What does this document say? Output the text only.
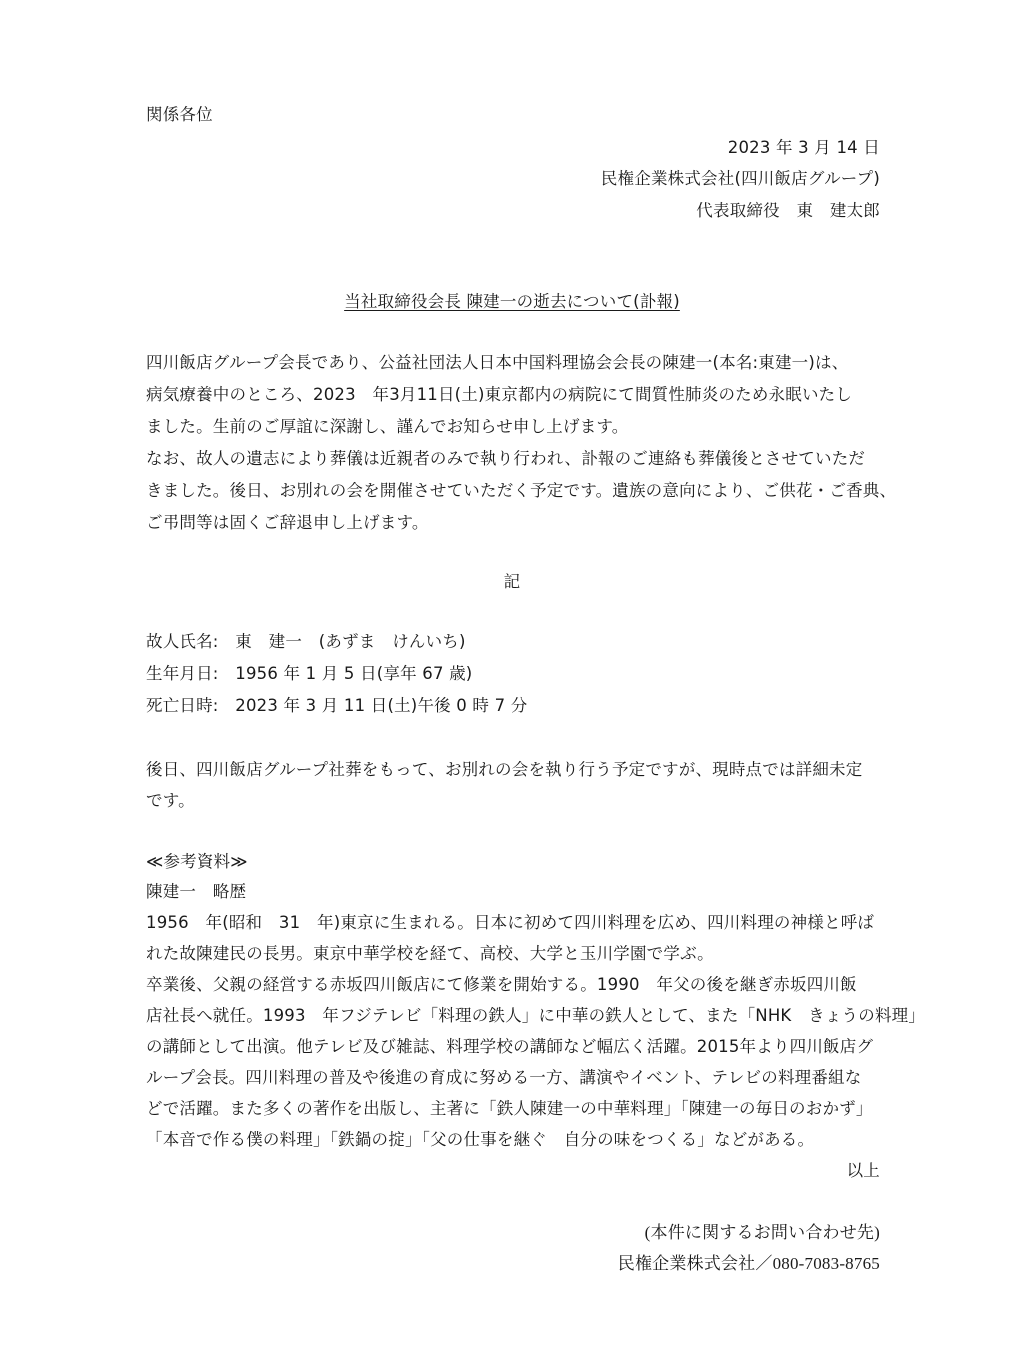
関係各位

2023 年 3 月 14 日

民権企業株式会社(四川飯店グループ)

代表取締役　東　建太郎

当社取締役会長 陳建一の逝去について(訃報)

四川飯店グループ会長であり、公益社団法人日本中国料理協会会長の陳建一(本名:東建一)は、

病気療養中のところ、2023　年3月11日(土)東京都内の病院にて間質性肺炎のため永眠いたし

ました。生前のご厚誼に深謝し、謹んでお知らせ申し上げます。

なお、故人の遺志により葬儀は近親者のみで執り行われ、訃報のご連絡も葬儀後とさせていただ

きました。後日、お別れの会を開催させていただく予定です。遺族の意向により、ご供花・ご香典、

ご弔問等は固くご辞退申し上げます。

記

故人氏名:　東　建一　(あずま　けんいち)

生年月日:　1956 年 1 月 5 日(享年 67 歳)

死亡日時:　2023 年 3 月 11 日(土)午後 0 時 7 分

後日、四川飯店グループ社葬をもって、お別れの会を執り行う予定ですが、現時点では詳細未定

です。

≪参考資料≫

陳建一　略歴

1956　年(昭和　31　年)東京に生まれる。日本に初めて四川料理を広め、四川料理の神様と呼ば

れた故陳建民の長男。東京中華学校を経て、高校、大学と玉川学園で学ぶ。

卒業後、父親の経営する赤坂四川飯店にて修業を開始する。1990　年父の後を継ぎ赤坂四川飯

店社長へ就任。1993　年フジテレビ「料理の鉄人」に中華の鉄人として、また「NHK　きょうの料理」

の講師として出演。他テレビ及び雑誌、料理学校の講師など幅広く活躍。2015年より四川飯店グ

ループ会長。四川料理の普及や後進の育成に努める一方、講演やイベント、テレビの料理番組な

どで活躍。また多くの著作を出版し、主著に「鉄人陳建一の中華料理」「陳建一の毎日のおかず」

「本音で作る僕の料理」「鉄鍋の掟」「父の仕事を継ぐ　自分の味をつくる」などがある。

以上

(本件に関するお問い合わせ先)

民権企業株式会社／080-7083-8765
